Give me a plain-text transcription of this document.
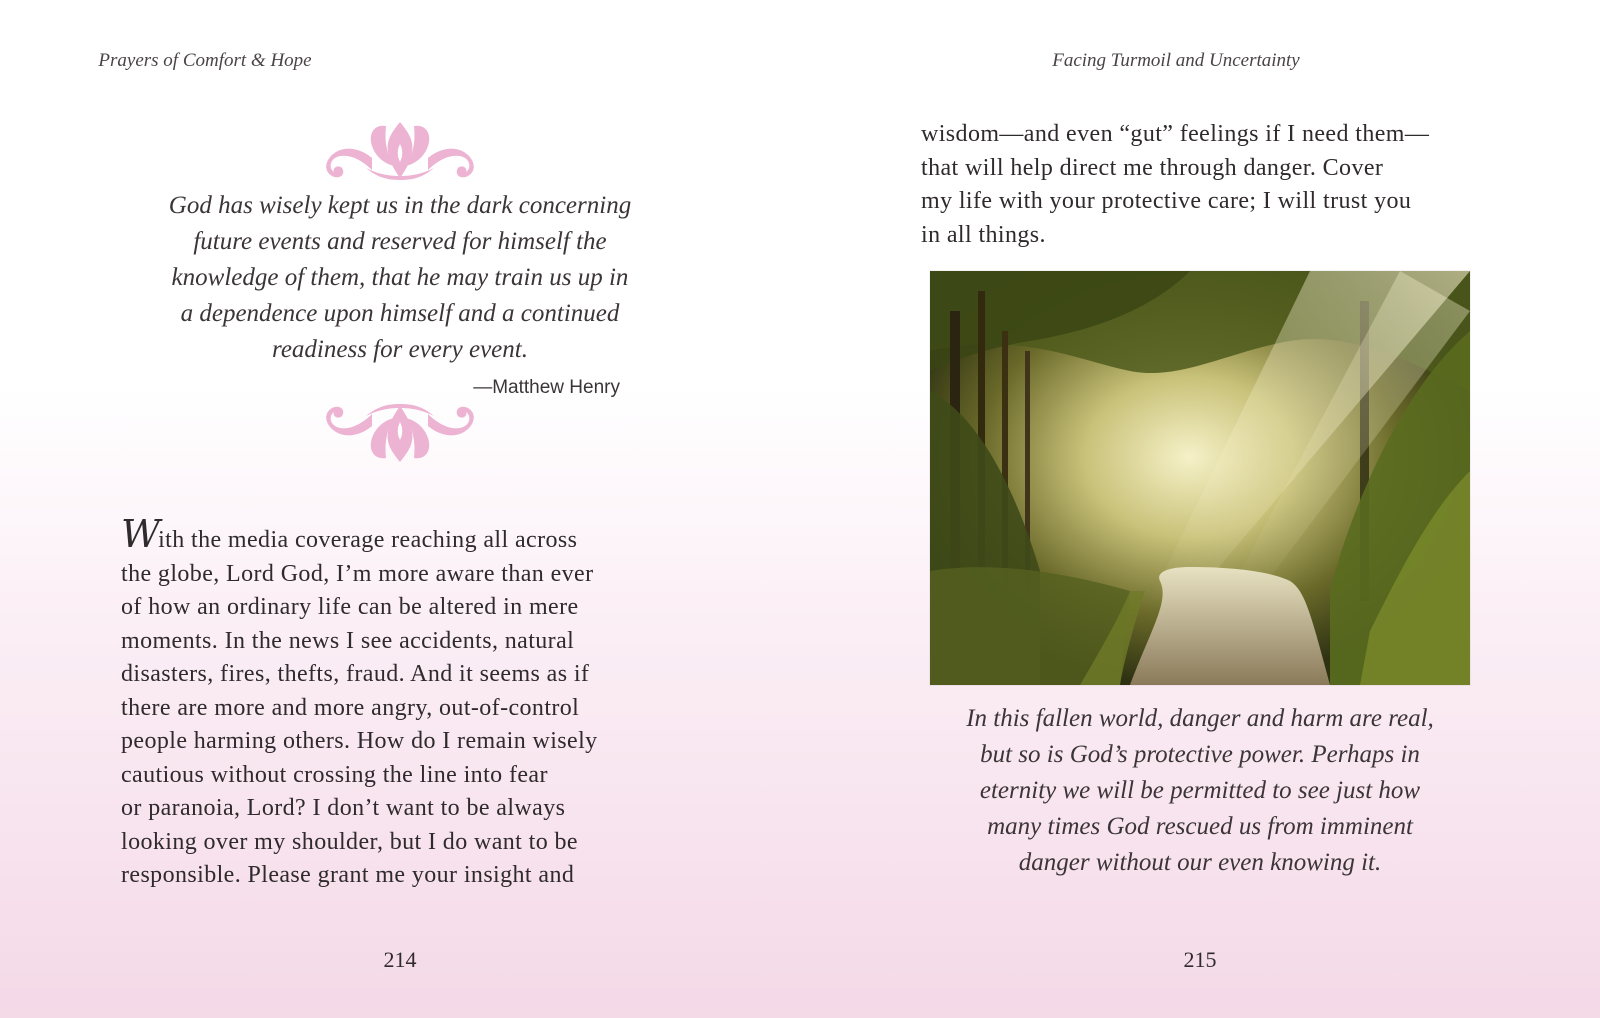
Prayers of Comfort & Hope
God has wisely kept us in the dark concerning
future events and reserved for himself the
knowledge of them, that he may train us up in
a dependence upon himself and a continued
readiness for every event.
—Matthew Henry
With the media coverage reaching all across
the globe, Lord God, I’m more aware than ever
of how an ordinary life can be altered in mere
moments. In the news I see accidents, natural
disasters, fires, thefts, fraud. And it seems as if
there are more and more angry, out-of-control
people harming others. How do I remain wisely
cautious without crossing the line into fear
or paranoia, Lord? I don’t want to be always
looking over my shoulder, but I do want to be
responsible. Please grant me your insight and
214
Facing Turmoil and Uncertainty
wisdom—and even “gut” feelings if I need them—
that will help direct me through danger. Cover
my life with your protective care; I will trust you
in all things.
In this fallen world, danger and harm are real,
but so is God’s protective power. Perhaps in
eternity we will be permitted to see just how
many times God rescued us from imminent
danger without our even knowing it.
215
